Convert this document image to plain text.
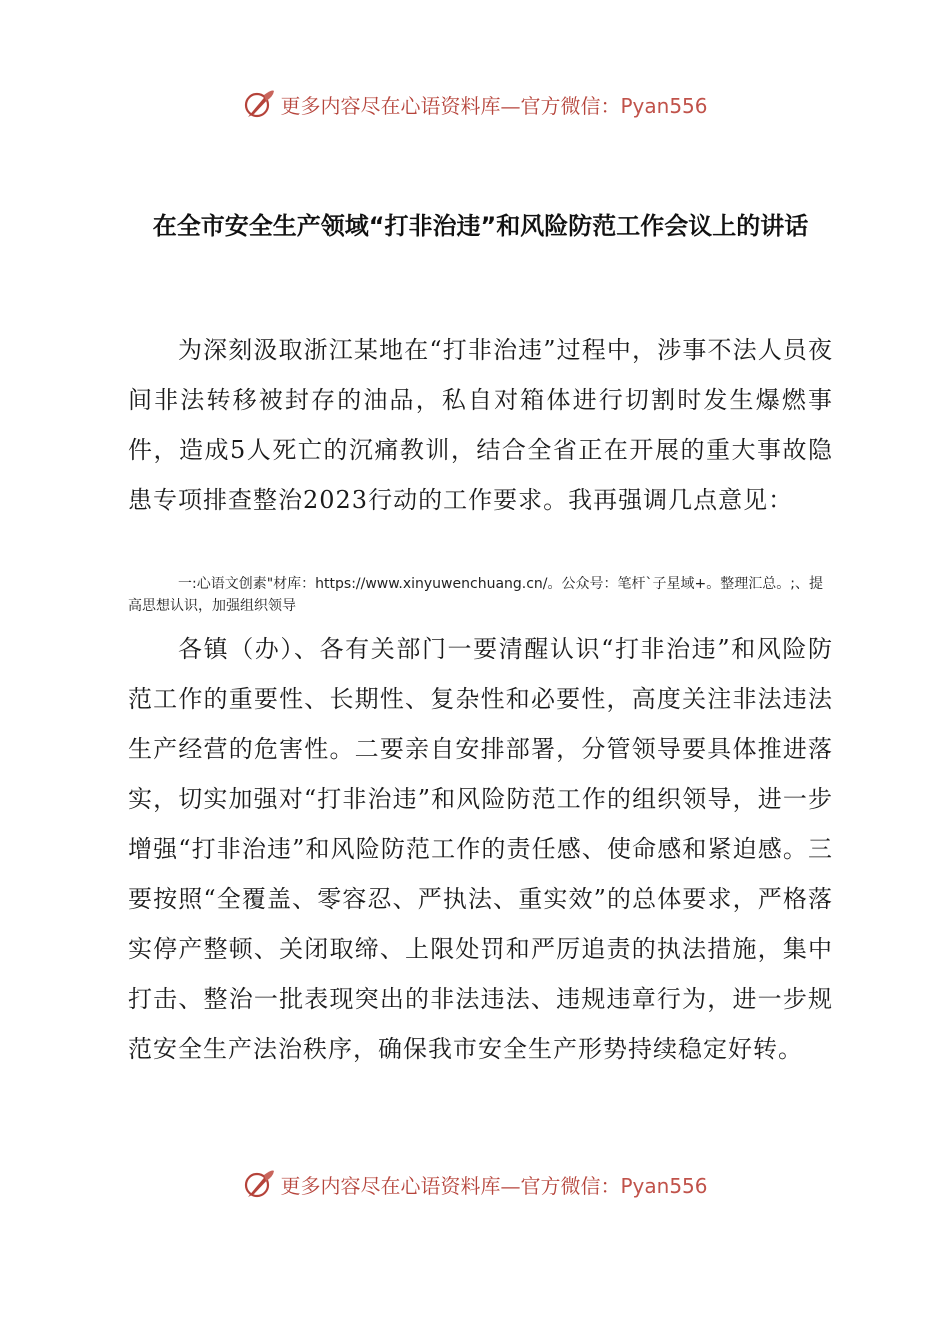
更多内容尽在心语资料库—官方微信：Pyan556
在全市安全生产领域“打非治违”和风险防范工作会议上的讲话

为深刻汲取浙江某地在“打非治违”过程中，涉事不法人员夜间非法转移被封存的油品，私自对箱体进行切割时发生爆燃事件，造成5人死亡的沉痛教训，结合全省正在开展的重大事故隐患专项排查整治2023行动的工作要求。我再强调几点意见：

一:心语文创素"材库：https://www.xinyuwenchuang.cn/。公众号：笔杆`子星域+。整理汇总。;、提高思想认识，加强组织领导

各镇（办）、各有关部门一要清醒认识“打非治违”和风险防范工作的重要性、长期性、复杂性和必要性，高度关注非法违法生产经营的危害性。二要亲自安排部署，分管领导要具体推进落实，切实加强对“打非治违”和风险防范工作的组织领导，进一步增强“打非治违”和风险防范工作的责任感、使命感和紧迫感。三要按照“全覆盖、零容忍、严执法、重实效”的总体要求，严格落实停产整顿、关闭取缔、上限处罚和严厉追责的执法措施，集中打击、整治一批表现突出的非法违法、违规违章行为，进一步规范安全生产法治秩序，确保我市安全生产形势持续稳定好转。

更多内容尽在心语资料库—官方微信：Pyan556
